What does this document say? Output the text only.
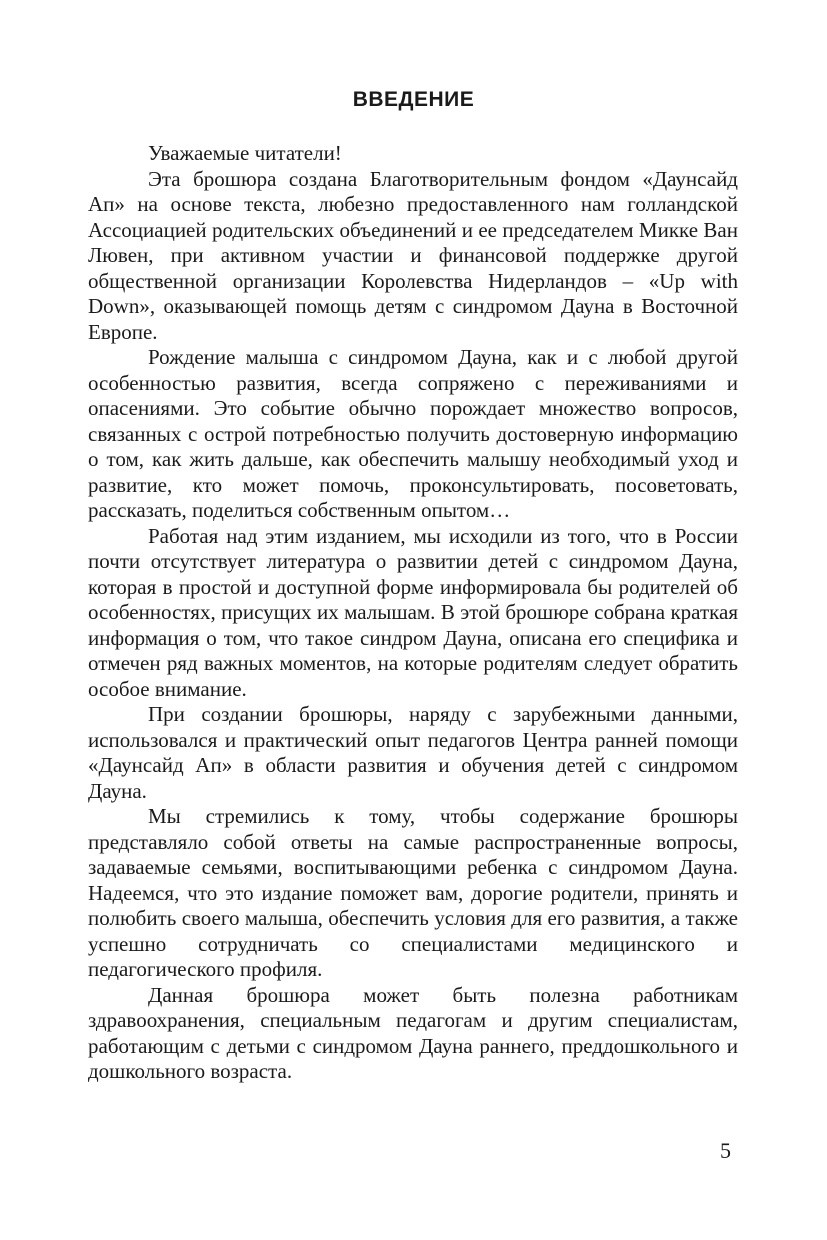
ВВЕДЕНИЕ

Уважаемые читатели!

Эта брошюра создана Благотворительным фондом «Даунсайд Ап» на основе текста, любезно предоставленного нам голландской Ассоциацией родительских объединений и ее председателем Микке Ван Лювен, при активном участии и финансовой поддержке другой общественной организации Королевства Нидерландов – «Up with Down», оказывающей помощь детям с синдромом Дауна в Восточной Европе.

Рождение малыша с синдромом Дауна, как и с любой другой особенностью развития, всегда сопряжено с переживаниями и опасениями. Это событие обычно порождает множество вопросов, связанных с острой потребностью получить достоверную информацию о том, как жить дальше, как обеспечить малышу необходимый уход и развитие, кто может помочь, проконсультировать, посоветовать, рассказать, поделиться собственным опытом…

Работая над этим изданием, мы исходили из того, что в России почти отсутствует литература о развитии детей с синдромом Дауна, которая в простой и доступной форме информировала бы родителей об особенностях, присущих их малышам. В этой брошюре собрана краткая информация о том, что такое синдром Дауна, описана его специфика и отмечен ряд важных моментов, на которые родителям следует обратить особое внимание.

При создании брошюры, наряду с зарубежными данными, использовался и практический опыт педагогов Центра ранней помощи «Даунсайд Ап» в области развития и обучения детей с синдромом Дауна.

Мы стремились к тому, чтобы содержание брошюры представляло собой ответы на самые распространенные вопросы, задаваемые семьями, воспитывающими ребенка с синдромом Дауна. Надеемся, что это издание поможет вам, дорогие родители, принять и полюбить своего малыша, обеспечить условия для его развития, а также успешно сотрудничать со специалистами медицинского и педагогического профиля.

Данная брошюра может быть полезна работникам здравоохранения, специальным педагогам и другим специалистам, работающим с детьми с синдромом Дауна раннего, преддошкольного и дошкольного возраста.

5
